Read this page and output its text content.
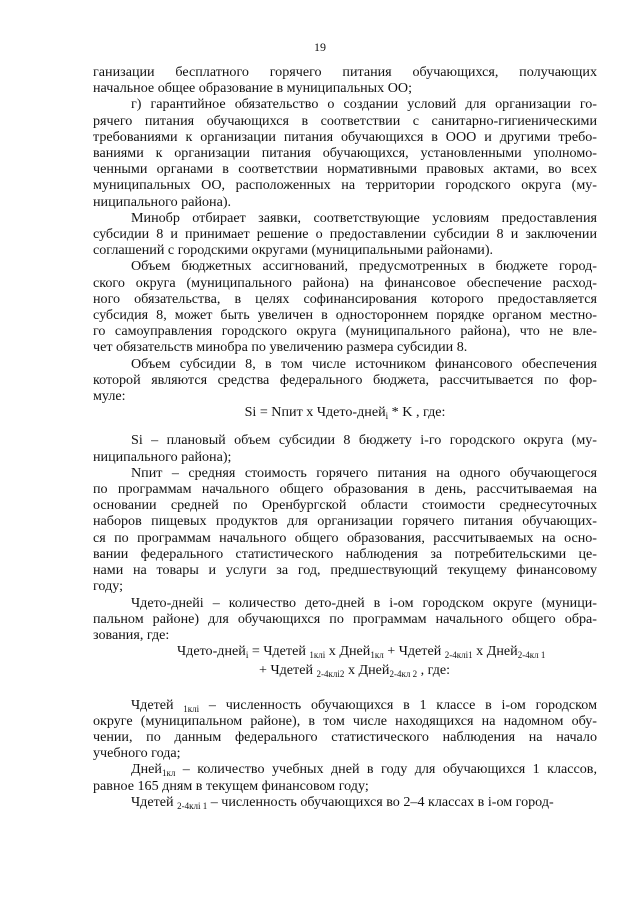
19

ганизации бесплатного горячего питания обучающихся, получающих

начальное общее образование в муниципальных ОО;

г) гарантийное обязательство о создании условий для организации го-

рячего питания обучающихся в соответствии с санитарно-гигиеническими

требованиями к организации питания обучающихся в ООО и другими требо-

ваниями к организации питания обучающихся, установленными уполномо-

ченными органами в соответствии нормативными правовых актами, во всех

муниципальных ОО, расположенных на территории городского округа (му-

ниципального района).

Минобр отбирает заявки, соответствующие условиям предоставления

субсидии 8 и принимает решение о предоставлении субсидии 8 и заключении

соглашений с городскими округами (муниципальными районами).

Объем бюджетных ассигнований, предусмотренных в бюджете город-

ского округа (муниципального района) на финансовое обеспечение расход-

ного обязательства, в целях софинансирования которого предоставляется

субсидия 8, может быть увеличен в одностороннем порядке органом местно-

го самоуправления городского округа (муниципального района), что не вле-

чет обязательств минобра по увеличению размера субсидии 8.

Объем субсидии 8, в том числе источником финансового обеспечения

которой являются средства федерального бюджета, рассчитывается по фор-

муле:

Si = Nпит x Чдето-дней$_i$ * K , где:

Si – плановый объем субсидии 8 бюджету i-го городского округа (му-

ниципального района);

Nпит – средняя стоимость горячего питания на одного обучающегося

по программам начального общего образования в день, рассчитываемая на

основании средней по Оренбургской области стоимости среднесуточных

наборов пищевых продуктов для организации горячего питания обучающих-

ся по программам начального общего образования, рассчитываемых на осно-

вании федерального статистического наблюдения за потребительскими це-

нами на товары и услуги за год, предшествующий текущему финансовому

году;

Чдето-днейi – количество дето-дней в i-ом городском округе (муници-

пальном районе) для обучающихся по программам начального общего обра-

зования, где:

Чдето-дней$_i$ = Чдетей $_{1клi}$ х Дней$_{1кл}$ + Чдетей $_{2-4клi1}$ х Дней$_{2-4кл 1}$

+ Чдетей $_{2-4клi2}$ х Дней$_{2-4кл 2}$ , где:

Чдетей $_{1клi}$ – численность обучающихся в 1 классе в i-ом городском

округе (муниципальном районе), в том числе находящихся на надомном обу-

чении, по данным федерального статистического наблюдения на начало

учебного года;

Дней$_{1кл}$ – количество учебных дней в году для обучающихся 1 классов,

равное 165 дням в текущем финансовом году;

Чдетей $_{2-4клi 1}$ – численность обучающихся во 2–4 классах в i-ом город-
